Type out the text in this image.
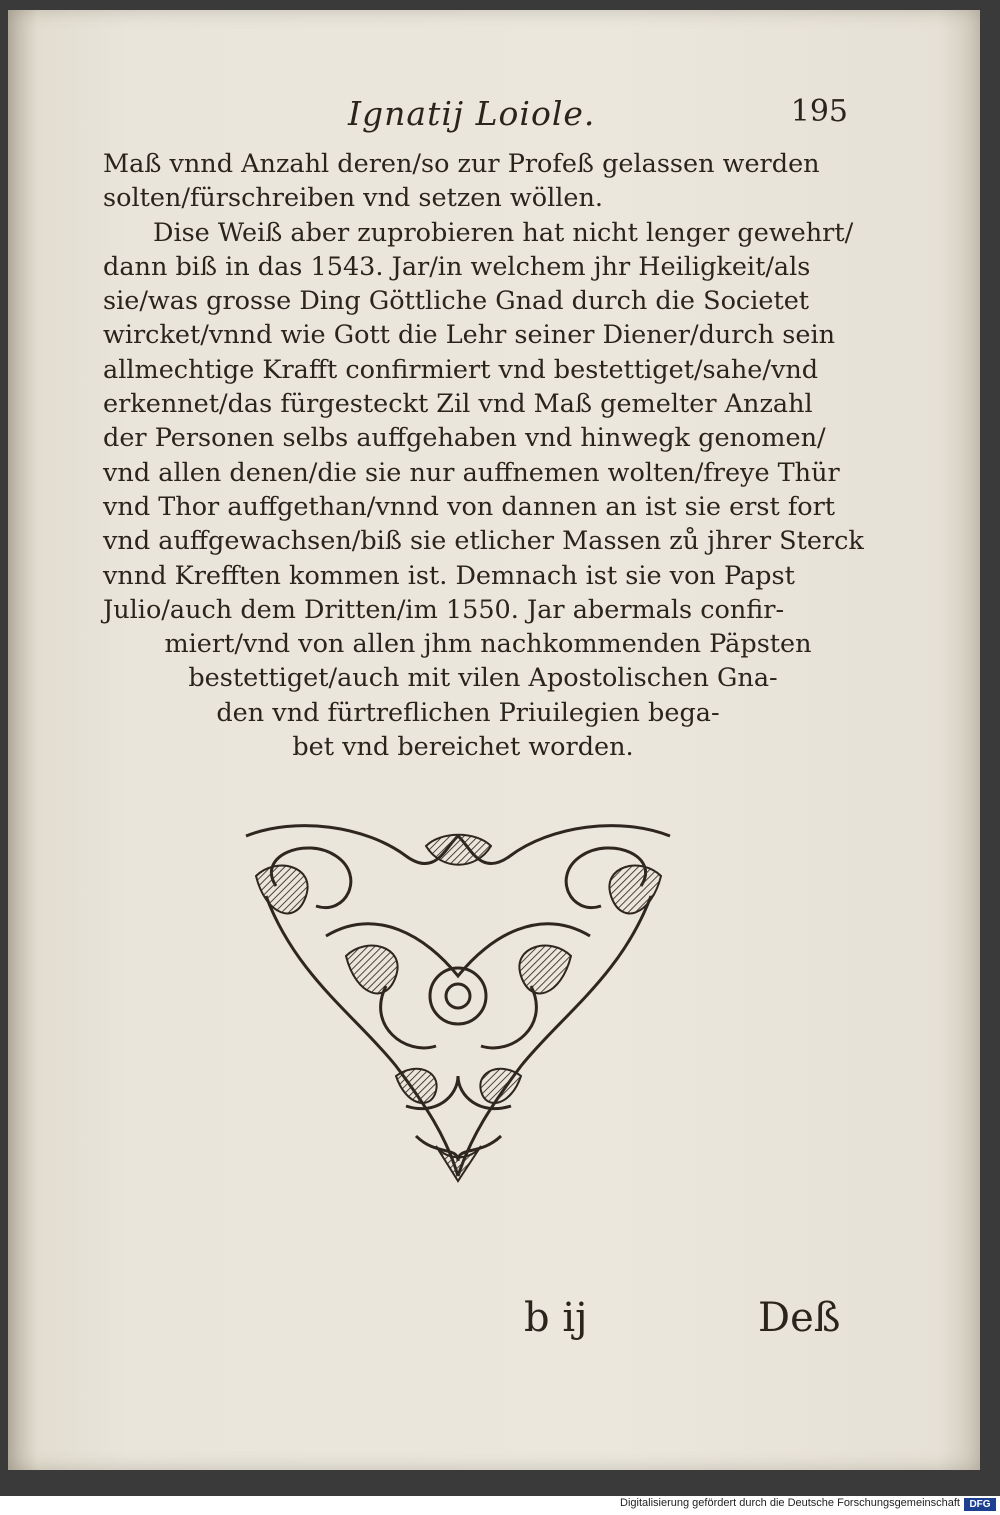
Ignatij Loiole.	195
Maß vnnd Anzahl deren/so zur Profeß gelassen werden
solten/fürschreiben vnd setzen wöllen.
Dise Weiß aber zuprobieren hat nicht lenger gewehrt/
dann biß in das 1543. Jar/in welchem jhr Heiligkeit/als
sie/was grosse Ding Göttliche Gnad durch die Societet
wircket/vnnd wie Gott die Lehr seiner Diener/durch sein
allmechtige Krafft confirmiert vnd bestettiget/sahe/vnd
erkennet/das fürgesteckt Zil vnd Maß gemelter Anzahl
der Personen selbs auffgehaben vnd hinwegk genomen/
vnd allen denen/die sie nur auffnemen wolten/freye Thür
vnd Thor auffgethan/vnnd von dannen an ist sie erst fort
vnd auffgewachsen/biß sie etlicher Massen zů jhrer Sterck
vnnd Krefften kommen ist. Demnach ist sie von Papst
Julio/auch dem Dritten/im 1550. Jar abermals confir-
miert/vnd von allen jhm nachkommenden Päpsten
bestettiget/auch mit vilen Apostolischen Gna-
den vnd fürtreflichen Priuilegien bega-
bet vnd bereichet worden.
b ij	Deß
Digitalisierung gefördert durch die Deutsche Forschungsgemeinschaft DFG
